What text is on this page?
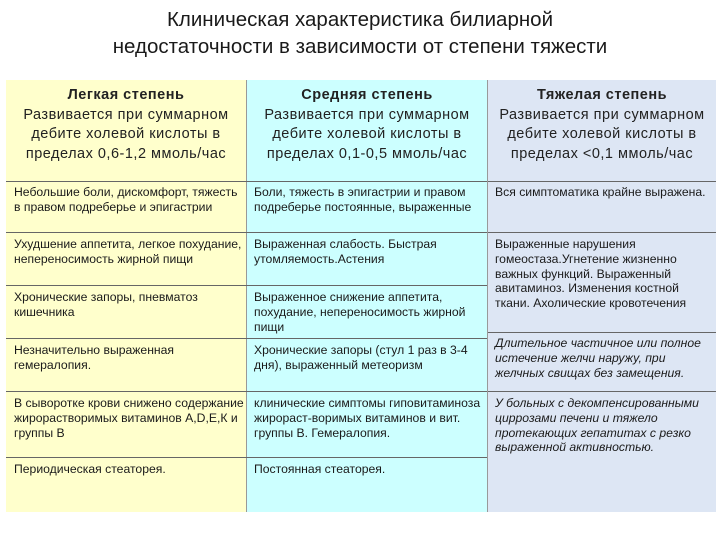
Клиническая характеристика билиарной
недостаточности в зависимости от степени тяжести
Легкая степень
Развивается при суммарном дебите холевой кислоты в пределах 0,6-1,2 ммоль/час
Средняя степень
Развивается при суммарном дебите холевой кислоты в пределах 0,1-0,5 ммоль/час
Тяжелая степень
Развивается при суммарном дебите холевой кислоты в пределах <0,1 ммоль/час
Небольшие боли, дискомфорт, тяжесть в правом подреберье и эпигастрии
Ухудшение аппетита, легкое похудание, непереносимость жирной пищи
Хронические запоры, пневматоз кишечника
Незначительно выраженная гемералопия.
В сыворотке крови снижено содержание жирорастворимых витаминов А,D,Е,К и группы В
Периодическая стеаторея.
Боли, тяжесть в эпигастрии и правом подреберье постоянные, выраженные
Выраженная слабость. Быстрая утомляемость.Астения
Выраженное снижение аппетита, похудание, непереносимость жирной пищи
Хронические запоры (стул 1 раз в 3-4 дня), выраженный метеоризм
клинические симптомы гиповитаминоза жирораст-воримых витаминов и вит. группы В. Гемералопия.
Постоянная стеаторея.
Вся симптоматика крайне выражена.
Выраженные нарушения гомеостаза.Угнетение жизненно важных функций. Выраженный авитаминоз. Изменения костной ткани. Ахолические кровотечения
Длительное частичное или полное истечение желчи наружу, при желчных свищах без замещения.
У больных с декомпенсированными циррозами печени и тяжело протекающих гепатитах с резко выраженной активностью.
